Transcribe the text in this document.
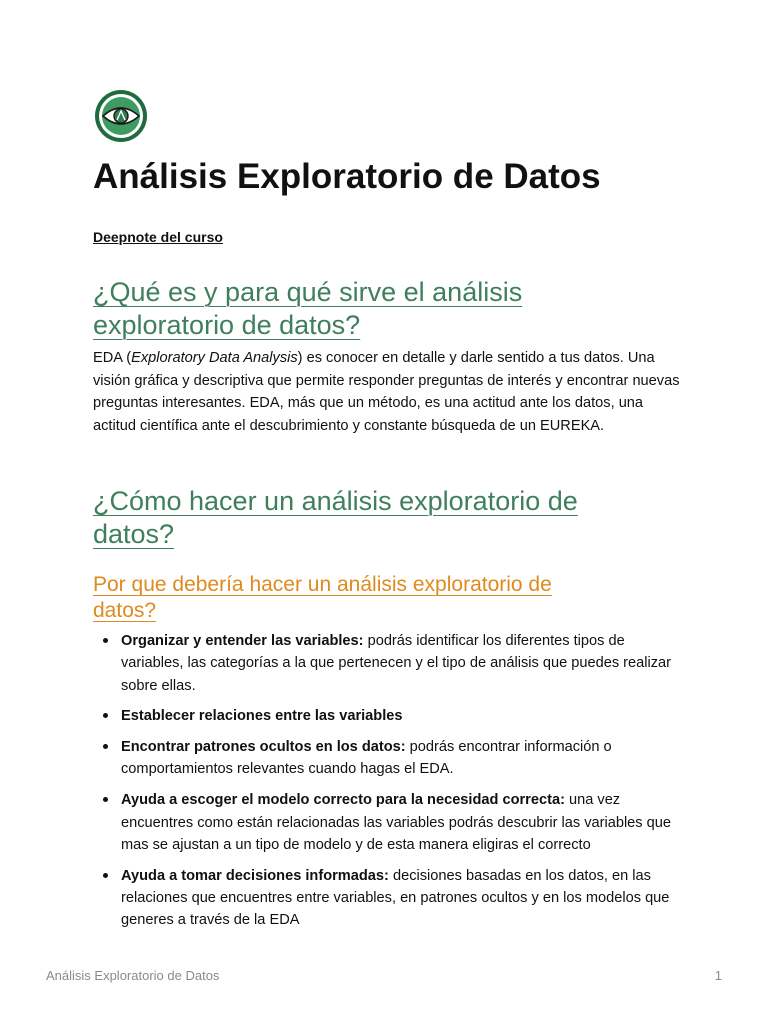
Análisis Exploratorio de Datos
Deepnote del curso
¿Qué es y para qué sirve el análisis
exploratorio de datos?

EDA (Exploratory Data Analysis) es conocer en detalle y darle sentido a tus datos. Una visión gráfica y descriptiva que permite responder preguntas de interés y encontrar nuevas preguntas interesantes. EDA, más que un método, es una actitud ante los datos, una actitud científica ante el descubrimiento y constante búsqueda de un EUREKA.

¿Cómo hacer un análisis exploratorio de
datos?
Por que debería hacer un análisis exploratorio de
datos?
Organizar y entender las variables: podrás identificar los diferentes tipos de variables, las categorías a la que pertenecen y el tipo de análisis que puedes realizar sobre ellas.
Establecer relaciones entre las variables
Encontrar patrones ocultos en los datos: podrás encontrar información o comportamientos relevantes cuando hagas el EDA.
Ayuda a escoger el modelo correcto para la necesidad correcta: una vez encuentres como están relacionadas las variables podrás descubrir las variables que mas se ajustan a un tipo de modelo y de esta manera eligiras el correcto
Ayuda a tomar decisiones informadas: decisiones basadas en los datos, en las relaciones que encuentres entre variables, en patrones ocultos y en los modelos que generes a través de la EDA
Análisis Exploratorio de Datos	1
